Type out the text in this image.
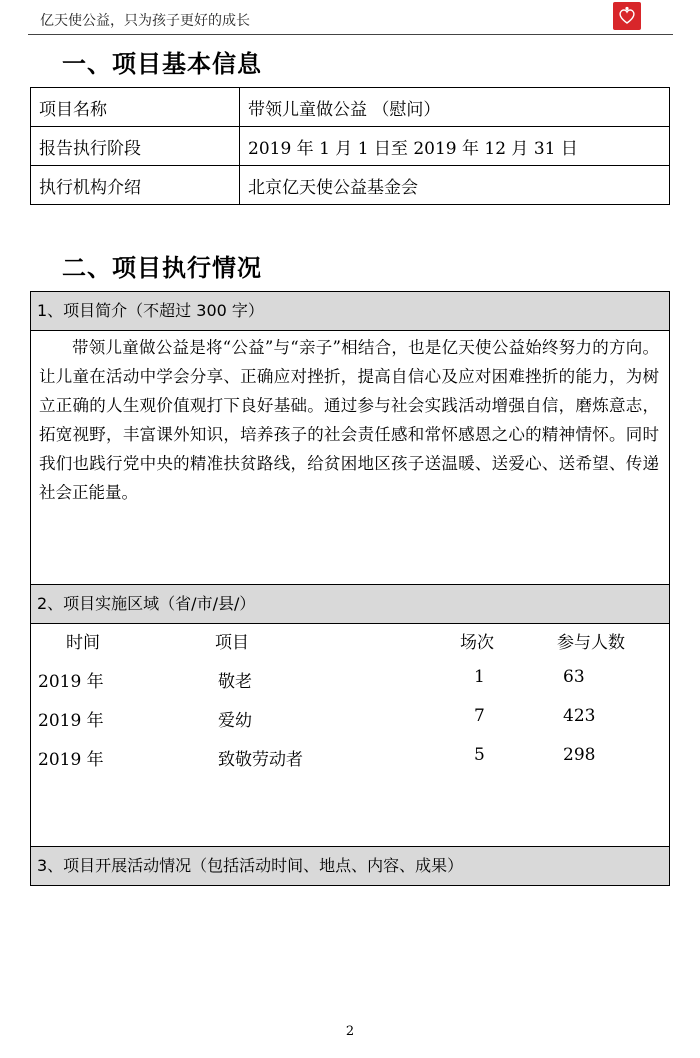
亿天使公益，只为孩子更好的成长
一、项目基本信息
项目名称	带领儿童做公益 （慰问）
报告执行阶段	2019 年 1 月 1 日至 2019 年 12 月 31 日
执行机构介绍	北京亿天使公益基金会
二、项目执行情况
1、项目简介（不超过 300 字）
带领儿童做公益是将“公益”与“亲子”相结合，也是亿天使公益始终努力的方向。让儿童在活动中学会分享、正确应对挫折，提高自信心及应对困难挫折的能力，为树立正确的人生观价值观打下良好基础。通过参与社会实践活动增强自信，磨炼意志，拓宽视野，丰富课外知识，培养孩子的社会责任感和常怀感恩之心的精神情怀。同时我们也践行党中央的精准扶贫路线，给贫困地区孩子送温暖、送爱心、送希望、传递社会正能量。
2、项目实施区域（省/市/县/）
时间	项目	场次	参与人数
2019 年	敬老	1	63
2019 年	爱幼	7	423
2019 年	致敬劳动者	5	298
3、项目开展活动情况（包括活动时间、地点、内容、成果）
2
